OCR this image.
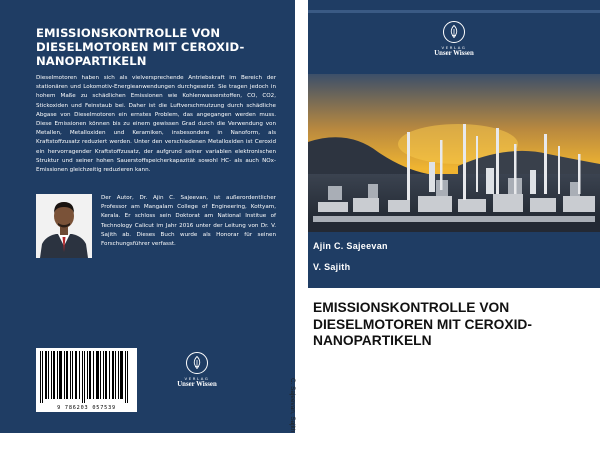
EMISSIONSKONTROLLE VON
DIESELMOTOREN MIT CEROXID-
NANOPARTIKELN
Dieselmotoren haben sich als vielversprechende Antriebskraft im Bereich der stationären und Lokomotiv-Energieanwendungen durchgesetzt. Sie tragen jedoch in hohem Maße zu schädlichen Emissionen wie Kohlenwasserstoffen, CO, CO2, Stickoxiden und Feinstaub bei. Daher ist die Luftverschmutzung durch schädliche Abgase von Dieselmotoren ein ernstes Problem, das angegangen werden muss. Diese Emissionen können bis zu einem gewissen Grad durch die Verwendung von Metallen, Metalloxiden und Keramiken, insbesondere in Nanoform, als Kraftstoffzusatz reduziert werden. Unter den verschiedenen Metalloxiden ist Ceroxid ein hervorragender Kraftstoffzusatz, der aufgrund seiner variablen elektronischen Struktur und seiner hohen Sauerstoffspeicherkapazität sowohl HC- als auch NOx-Emissionen gleichzeitig reduzieren kann.
Der Autor, Dr. Ajin C. Sajeevan, ist außerordentlicher Professor am Mangalam College of Engineering, Kottyam, Kerala. Er schloss sein Doktorat am National Institue of Technology Calicut im Jahr 2016 unter der Leitung von Dr. V. Sajith ab. Dieses Buch wurde als Honorar für seinen Forschungsführer verfasst.
9 786203 057539
VERLAG
Unser Wissen	C. Sajeevan, Sajith
VERLAG
Unser Wissen
Ajin C. Sajeevan
V. Sajith
EMISSIONSKONTROLLE VON
DIESELMOTOREN MIT CEROXID-
NANOPARTIKELN
